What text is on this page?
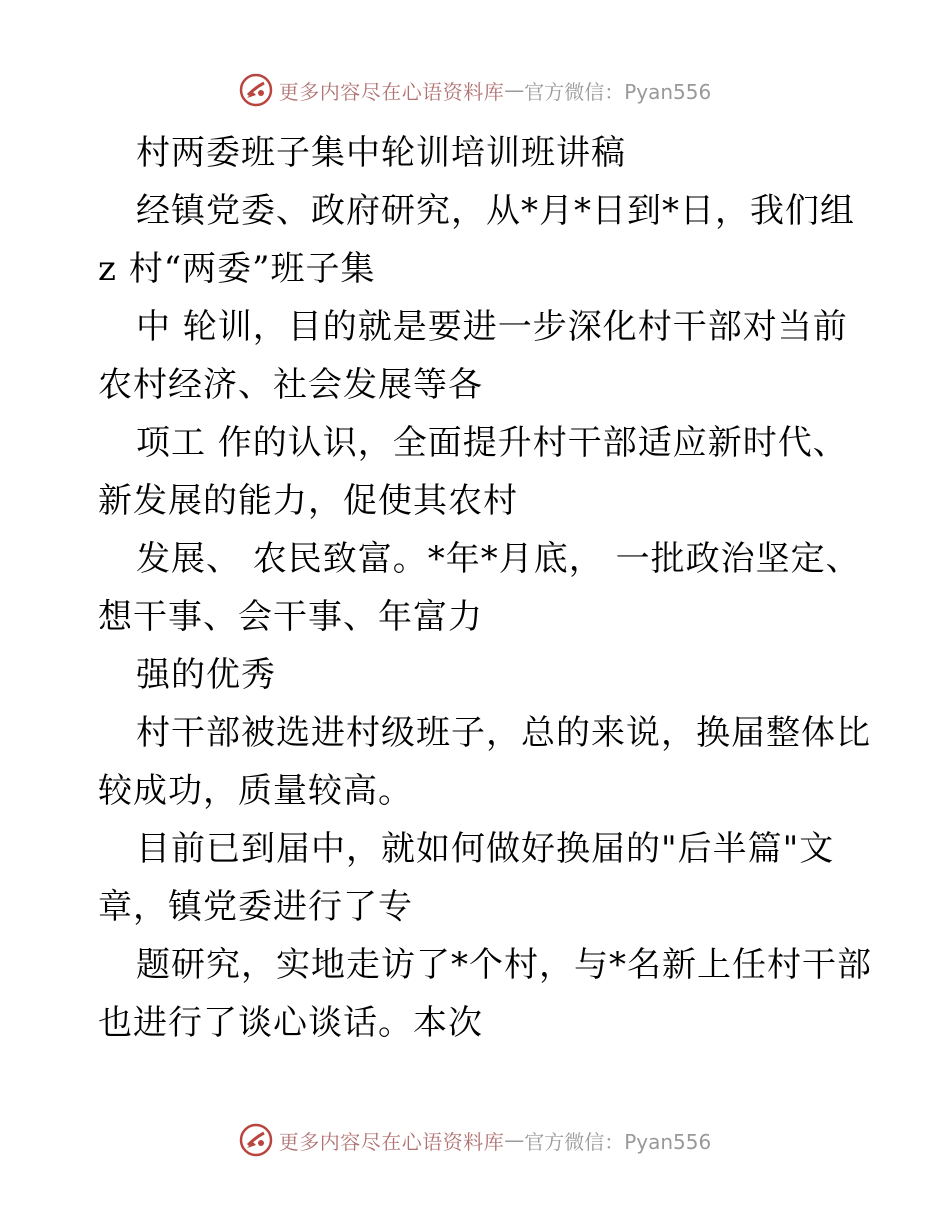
更多内容尽在心语资料库 — 官方微信：Pyan556
村两委班子集中轮训培训班讲稿
经镇党委、政府研究，从*月*日到*日，我们组
z 村“两委”班子集
中 轮训，目的就是要进一步深化村干部对当前
农村经济、社会发展等各
项工 作的认识，全面提升村干部适应新时代、
新发展的能力，促使其农村
发展、 农民致富。*年*月底， 一批政治坚定、
想干事、会干事、年富力
强的优秀
村干部被选进村级班子，总的来说，换届整体比
较成功，质量较高。
目前已到届中，就如何做好换届的"后半篇"文
章，镇党委进行了专
题研究，实地走访了*个村，与*名新上任村干部
也进行了谈心谈话。本次
更多内容尽在心语资料库 — 官方微信：Pyan556
